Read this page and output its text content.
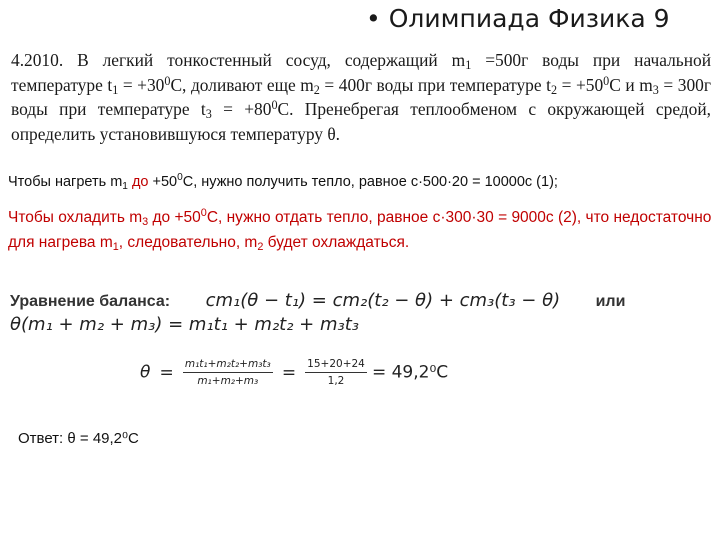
• Олимпиада Физика 9
4.2010. В легкий тонкостенный сосуд, содержащий $m_1 =500г$ воды при начальной температуре $t_1 = +30^0С$, доливают еще $m_2 = 400г$ воды при температуре $t_2 = +50^0С$ и $m_3 = 300г$ воды при температуре $t_3 = +80^0С$. Пренебрегая теплообменом с окружающей средой, определить установившуюся температуру θ.
Чтобы нагреть $m_1$ до $+50^0С$, нужно получить тепло, равное c·500·20 = 10000c (1);
Чтобы охладить $m_3$ до $+50^0С$, нужно отдать тепло, равное c·300·30 = 9000c (2), что недостаточно для нагрева $m_1$, следовательно, $m_2$ будет охлаждаться.
Уравнение баланса: cm₁(θ − t₁) = cm₂(t₂ − θ) + cm₃(t₃ − θ) или
θ(m₁ + m₂ + m₃) = m₁t₁ + m₂t₂ + m₃t₃
$\theta = \frac{\text{m₁t₁+m₂t₂+m₃t₃}}{\text{m₁+m₂+m₃}} = \frac{15+20+24}{1,2} = 49,2^0С$
Ответ: θ = 49,2⁰С
